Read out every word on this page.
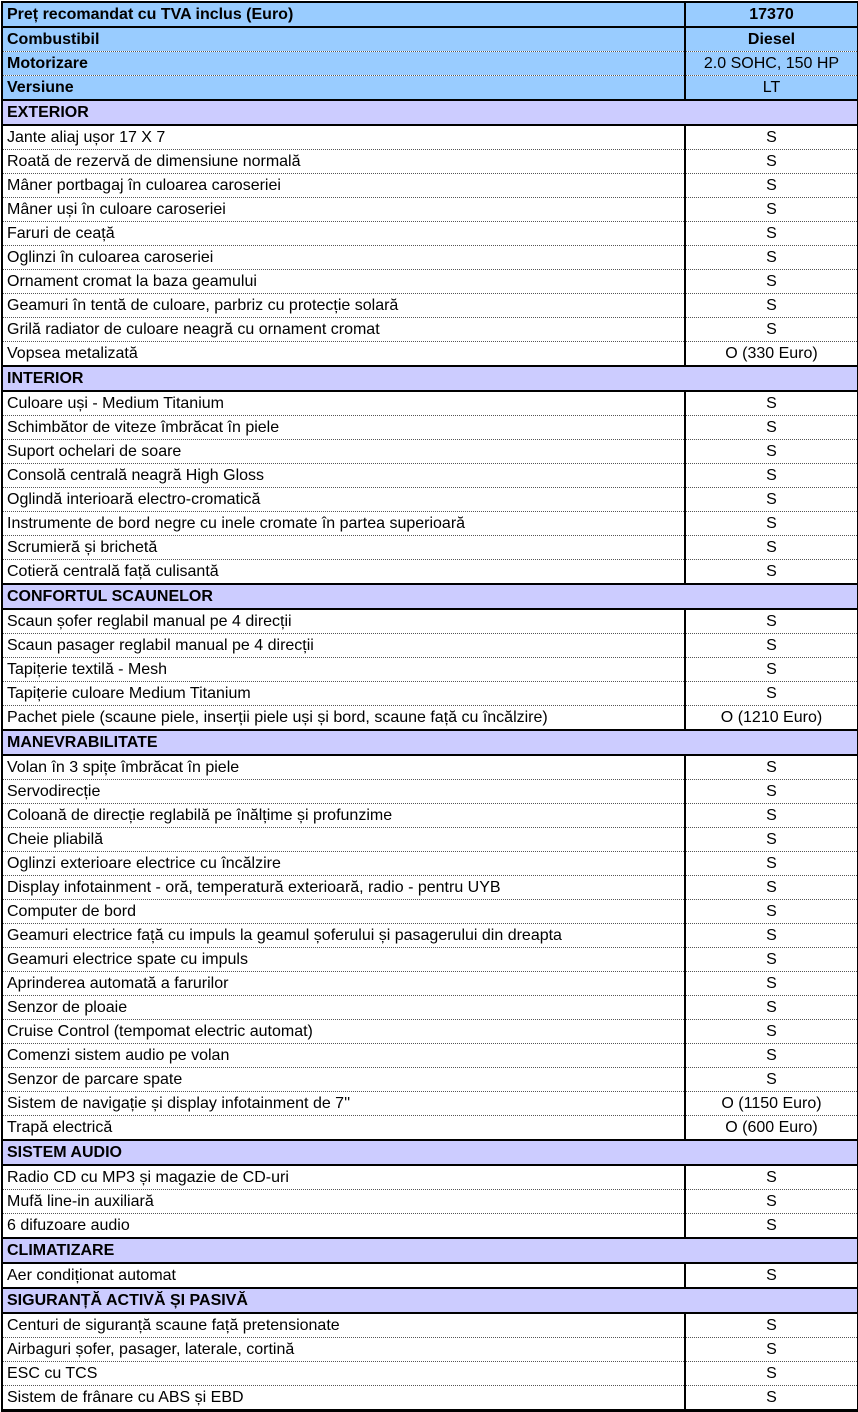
Preț recomandat cu TVA inclus (Euro)	17370
Combustibil	Diesel
Motorizare	2.0 SOHC, 150 HP
Versiune	LT
EXTERIOR	
Jante aliaj ușor 17 X 7	S
Roată de rezervă de dimensiune normală	S
Mâner portbagaj în culoarea caroseriei	S
Mâner uși în culoare caroseriei	S
Faruri de ceață	S
Oglinzi în culoarea caroseriei	S
Ornament cromat la baza geamului	S
Geamuri în tentă de culoare, parbriz cu protecție solară	S
Grilă radiator de culoare neagră cu ornament cromat	S
Vopsea metalizată	O (330 Euro)
INTERIOR	
Culoare uși - Medium Titanium	S
Schimbător de viteze îmbrăcat în piele	S
Suport ochelari de soare	S
Consolă centrală neagră High Gloss	S
Oglindă interioară electro-cromatică	S
Instrumente de bord negre cu inele cromate în partea superioară	S
Scrumieră și brichetă	S
Cotieră centrală față culisantă	S
CONFORTUL SCAUNELOR	
Scaun șofer reglabil manual pe 4 direcții	S
Scaun pasager reglabil manual pe 4 direcții	S
Tapițerie textilă - Mesh	S
Tapițerie culoare Medium Titanium	S
Pachet piele (scaune piele, inserții piele uși și bord, scaune față cu încălzire)	O (1210 Euro)
MANEVRABILITATE	
Volan în 3 spițe îmbrăcat în piele	S
Servodirecție	S
Coloană de direcție reglabilă pe înălțime și profunzime	S
Cheie pliabilă	S
Oglinzi exterioare electrice cu încălzire	S
Display infotainment - oră, temperatură exterioară, radio - pentru UYB	S
Computer de bord	S
Geamuri electrice față cu impuls la geamul șoferului și pasagerului din dreapta	S
Geamuri electrice spate cu impuls	S
Aprinderea automată a farurilor	S
Senzor de ploaie	S
Cruise Control (tempomat electric automat)	S
Comenzi sistem audio pe volan	S
Senzor de parcare spate	S
Sistem de navigație și display infotainment de 7''	O (1150 Euro)
Trapă electrică	O (600 Euro)
SISTEM AUDIO	
Radio CD cu MP3 și magazie de CD-uri	S
Mufă line-in auxiliară	S
6 difuzoare audio	S
CLIMATIZARE	
Aer condiționat automat	S
SIGURANȚĂ ACTIVĂ ȘI PASIVĂ	
Centuri de siguranță scaune față pretensionate	S
Airbaguri șofer, pasager, laterale, cortină	S
ESC cu TCS	S
Sistem de frânare cu ABS și EBD	S
